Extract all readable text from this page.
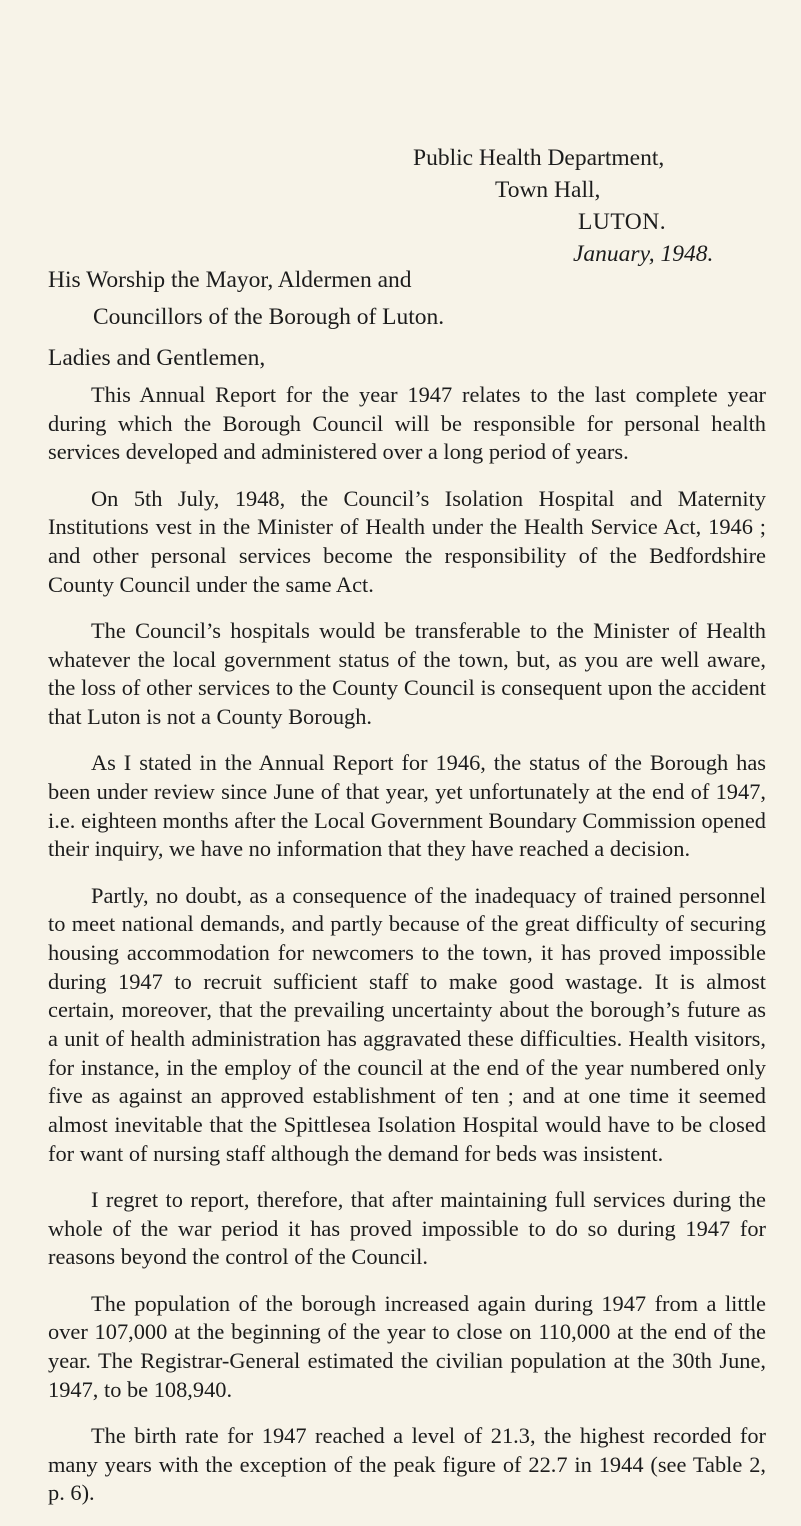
Public Health Department,
Town Hall,
LUTON.
January, 1948.
His Worship the Mayor, Aldermen and
Councillors of the Borough of Luton.
Ladies and Gentlemen,

This Annual Report for the year 1947 relates to the last complete year during which the Borough Council will be responsible for personal health services developed and administered over a long period of years.

On 5th July, 1948, the Council’s Isolation Hospital and Maternity Institutions vest in the Minister of Health under the Health Service Act, 1946 ; and other personal services become the responsibility of the Bedfordshire County Council under the same Act.

The Council’s hospitals would be transferable to the Minister of Health whatever the local government status of the town, but, as you are well aware, the loss of other services to the County Council is consequent upon the accident that Luton is not a County Borough.

As I stated in the Annual Report for 1946, the status of the Borough has been under review since June of that year, yet unfortunately at the end of 1947, i.e. eighteen months after the Local Government Boundary Commission opened their inquiry, we have no information that they have reached a decision.

Partly, no doubt, as a consequence of the inadequacy of trained personnel to meet national demands, and partly because of the great difficulty of securing housing accommodation for newcomers to the town, it has proved impossible during 1947 to recruit sufficient staff to make good wastage. It is almost certain, moreover, that the prevailing uncertainty about the borough’s future as a unit of health administration has aggravated these difficulties. Health visitors, for instance, in the employ of the council at the end of the year numbered only five as against an approved establishment of ten ; and at one time it seemed almost inevitable that the Spittlesea Isolation Hospital would have to be closed for want of nursing staff although the demand for beds was insistent.

I regret to report, therefore, that after maintaining full services during the whole of the war period it has proved impossible to do so during 1947 for reasons beyond the control of the Council.

The population of the borough increased again during 1947 from a little over 107,000 at the beginning of the year to close on 110,000 at the end of the year. The Registrar-General estimated the civilian population at the 30th June, 1947, to be 108,940.

The birth rate for 1947 reached a level of 21.3, the highest recorded for many years with the exception of the peak figure of 22.7 in 1944 (see Table 2, p. 6).
